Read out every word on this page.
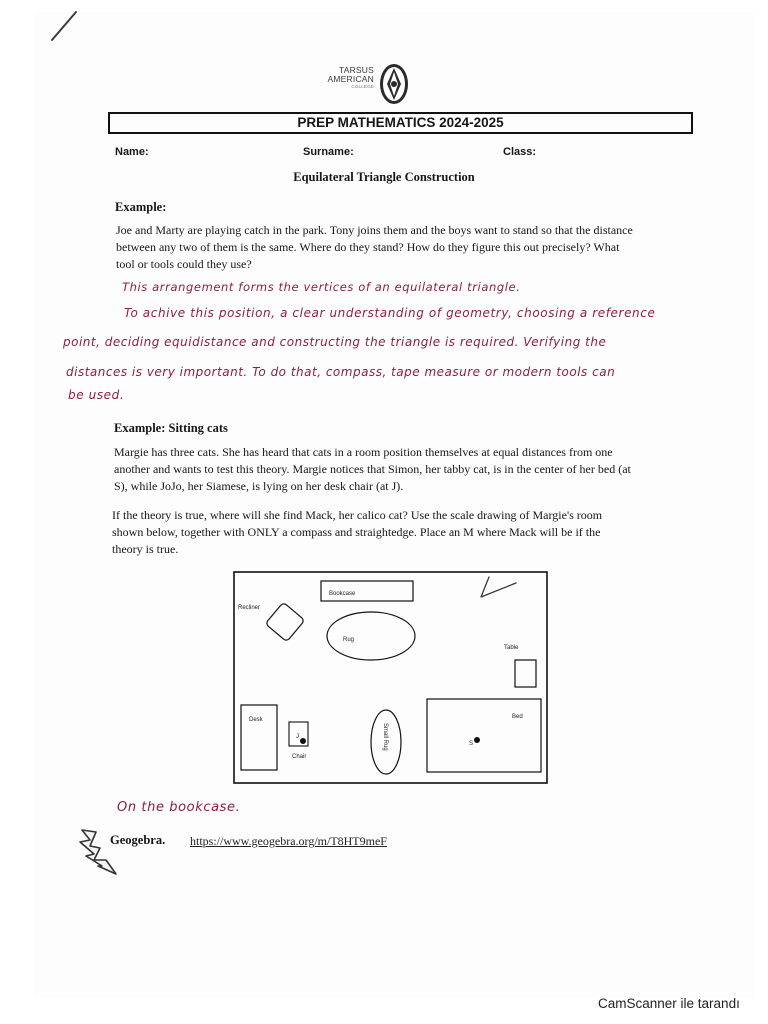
TARSUS
AMERICAN
COLLEGE
PREP MATHEMATICS 2024-2025
Name:	Surname:	Class:
Equilateral Triangle Construction
Example:
Joe and Marty are playing catch in the park. Tony joins them and the boys want to stand so that the distance
between any two of them is the same. Where do they stand? How do they figure this out precisely? What
tool or tools could they use?
This arrangement forms the vertices of an equilateral triangle.
To achive this position, a clear understanding of geometry, choosing a reference
point, deciding equidistance and constructing the triangle is required. Verifying the
distances is very important. To do that, compass, tape measure or modern tools can
be used.
Example: Sitting cats
Margie has three cats. She has heard that cats in a room position themselves at equal distances from one
another and wants to test this theory. Margie notices that Simon, her tabby cat, is in the center of her bed (at
S), while JoJo, her Siamese, is lying on her desk chair (at J).
If the theory is true, where will she find Mack, her calico cat? Use the scale drawing of Margie's room
shown below, together with ONLY a compass and straightedge. Place an M where Mack will be if the
theory is true.
Bookcase
Recliner
Rug
Table
Desk
J
Chair
Small Rug
Bed
S
On the bookcase.
Geogebra. https://www.geogebra.org/m/T8HT9meF
CamScanner ile tarandı
